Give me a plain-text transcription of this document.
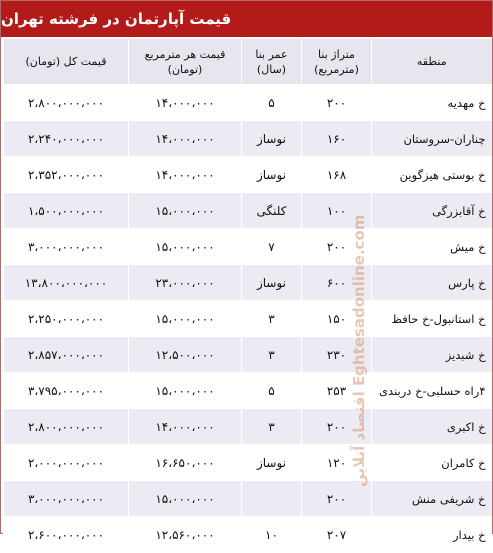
قیمت آپارتمان در فرشته تهران
منطقه	متراژ بنا (مترمربع)	عمر بنا (سال)	قیمت هر مترمربع (تومان)	قیمت کل (تومان)
خ مهدیه	۲۰۰	۵	۱۴،۰۰۰،۰۰۰	۲،۸۰۰،۰۰۰،۰۰۰
چناران-سروستان	۱۶۰	نوساز	۱۴،۰۰۰،۰۰۰	۲،۲۴۰،۰۰۰،۰۰۰
خ بوستی هیزگوین	۱۶۸	نوساز	۱۴،۰۰۰،۰۰۰	۲،۳۵۲،۰۰۰،۰۰۰
خ آقابزرگی	۱۰۰	کلنگی	۱۵،۰۰۰،۰۰۰	۱،۵۰۰،۰۰۰،۰۰۰
خ میش	۲۰۰	۷	۱۵،۰۰۰،۰۰۰	۳،۰۰۰،۰۰۰،۰۰۰
خ پارس	۶۰۰	نوساز	۲۳،۰۰۰،۰۰۰	۱۳،۸۰۰،۰۰۰،۰۰۰
خ استانبول-خ حافظ	۱۵۰	۳	۱۵،۰۰۰،۰۰۰	۲،۲۵۰،۰۰۰،۰۰۰
خ شبدیز	۲۳۰	۳	۱۲،۵۰۰،۰۰۰	۲،۸۵۷،۰۰۰،۰۰۰
۴راه حسلبی-خ دربندی	۲۵۳	۵	۱۵،۰۰۰،۰۰۰	۳،۷۹۵،۰۰۰،۰۰۰
خ اکبری	۲۰۰	۳	۱۴،۰۰۰،۰۰۰	۲،۸۰۰،۰۰۰،۰۰۰
خ کامران	۱۲۰	نوساز	۱۶،۶۵۰،۰۰۰	۲،۰۰۰،۰۰۰،۰۰۰
خ شریفی منش	۲۰۰		۱۵،۰۰۰،۰۰۰	۳،۰۰۰،۰۰۰،۰۰۰
خ بیدار	۲۰۷	۱۰	۱۲،۵۶۰،۰۰۰	۲،۶۰۰،۰۰۰،۰۰۰
اقتصاد آنلاین Eghtesadonline.com
